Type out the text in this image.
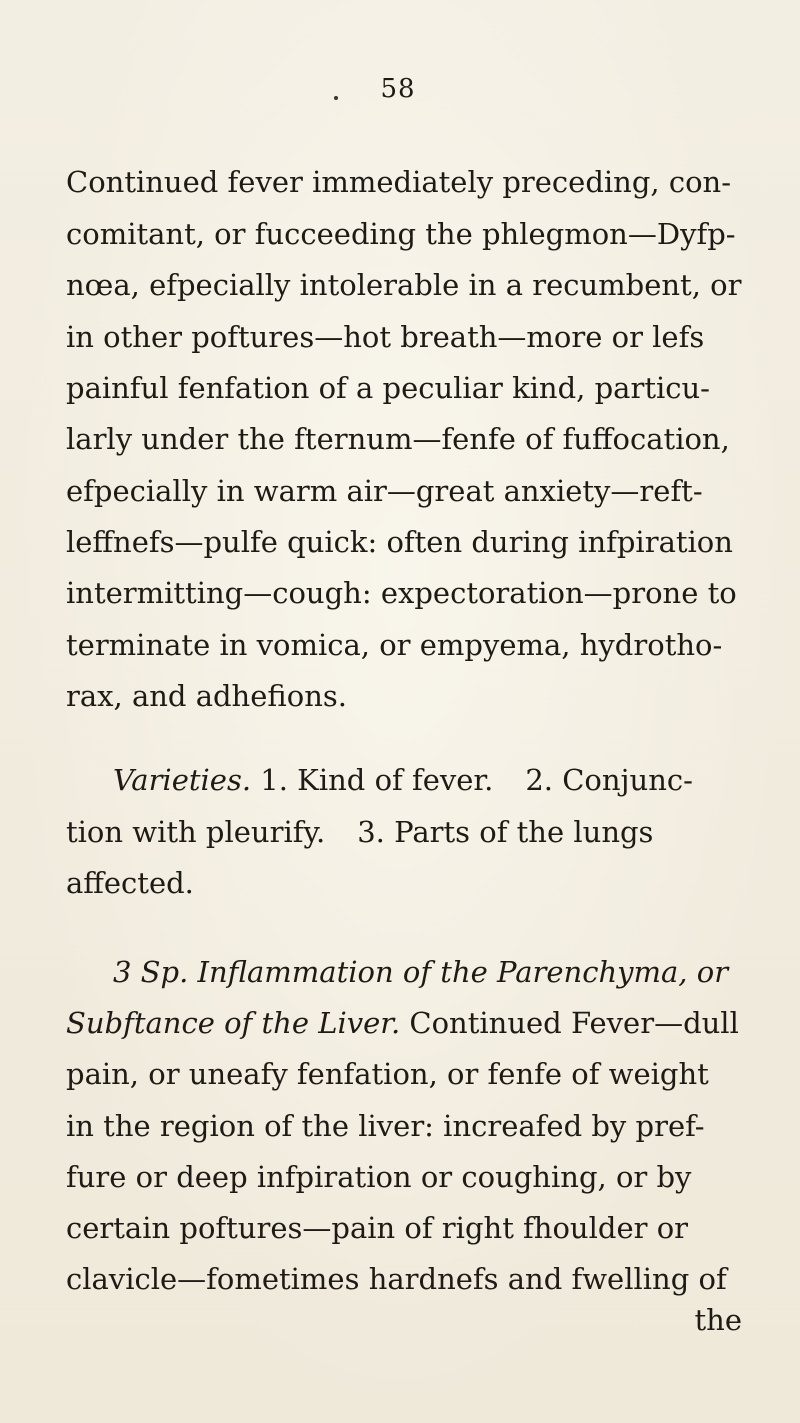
58
Continued fever immediately preceding, con-
comitant, or fucceeding the phlegmon—Dyfp-
nœa, efpecially intolerable in a recumbent, or
in other poftures—hot breath—more or lefs
painful fenfation of a peculiar kind, particu-
larly under the fternum—fenfe of fuffocation,
efpecially in warm air—great anxiety—reft-
leffnefs—pulfe quick: often during infpiration
intermitting—cough: expectoration—prone to
terminate in vomica, or empyema, hydrotho-
rax, and adhefions.
Varieties. 1. Kind of fever. 2. Conjunc-
tion with pleurify. 3. Parts of the lungs
affected.
3 Sp. Inflammation of the Parenchyma, or
Subftance of the Liver. Continued Fever—dull
pain, or uneafy fenfation, or fenfe of weight
in the region of the liver: increafed by pref-
fure or deep infpiration or coughing, or by
certain poftures—pain of right fhoulder or
clavicle—fometimes hardnefs and fwelling of
the
